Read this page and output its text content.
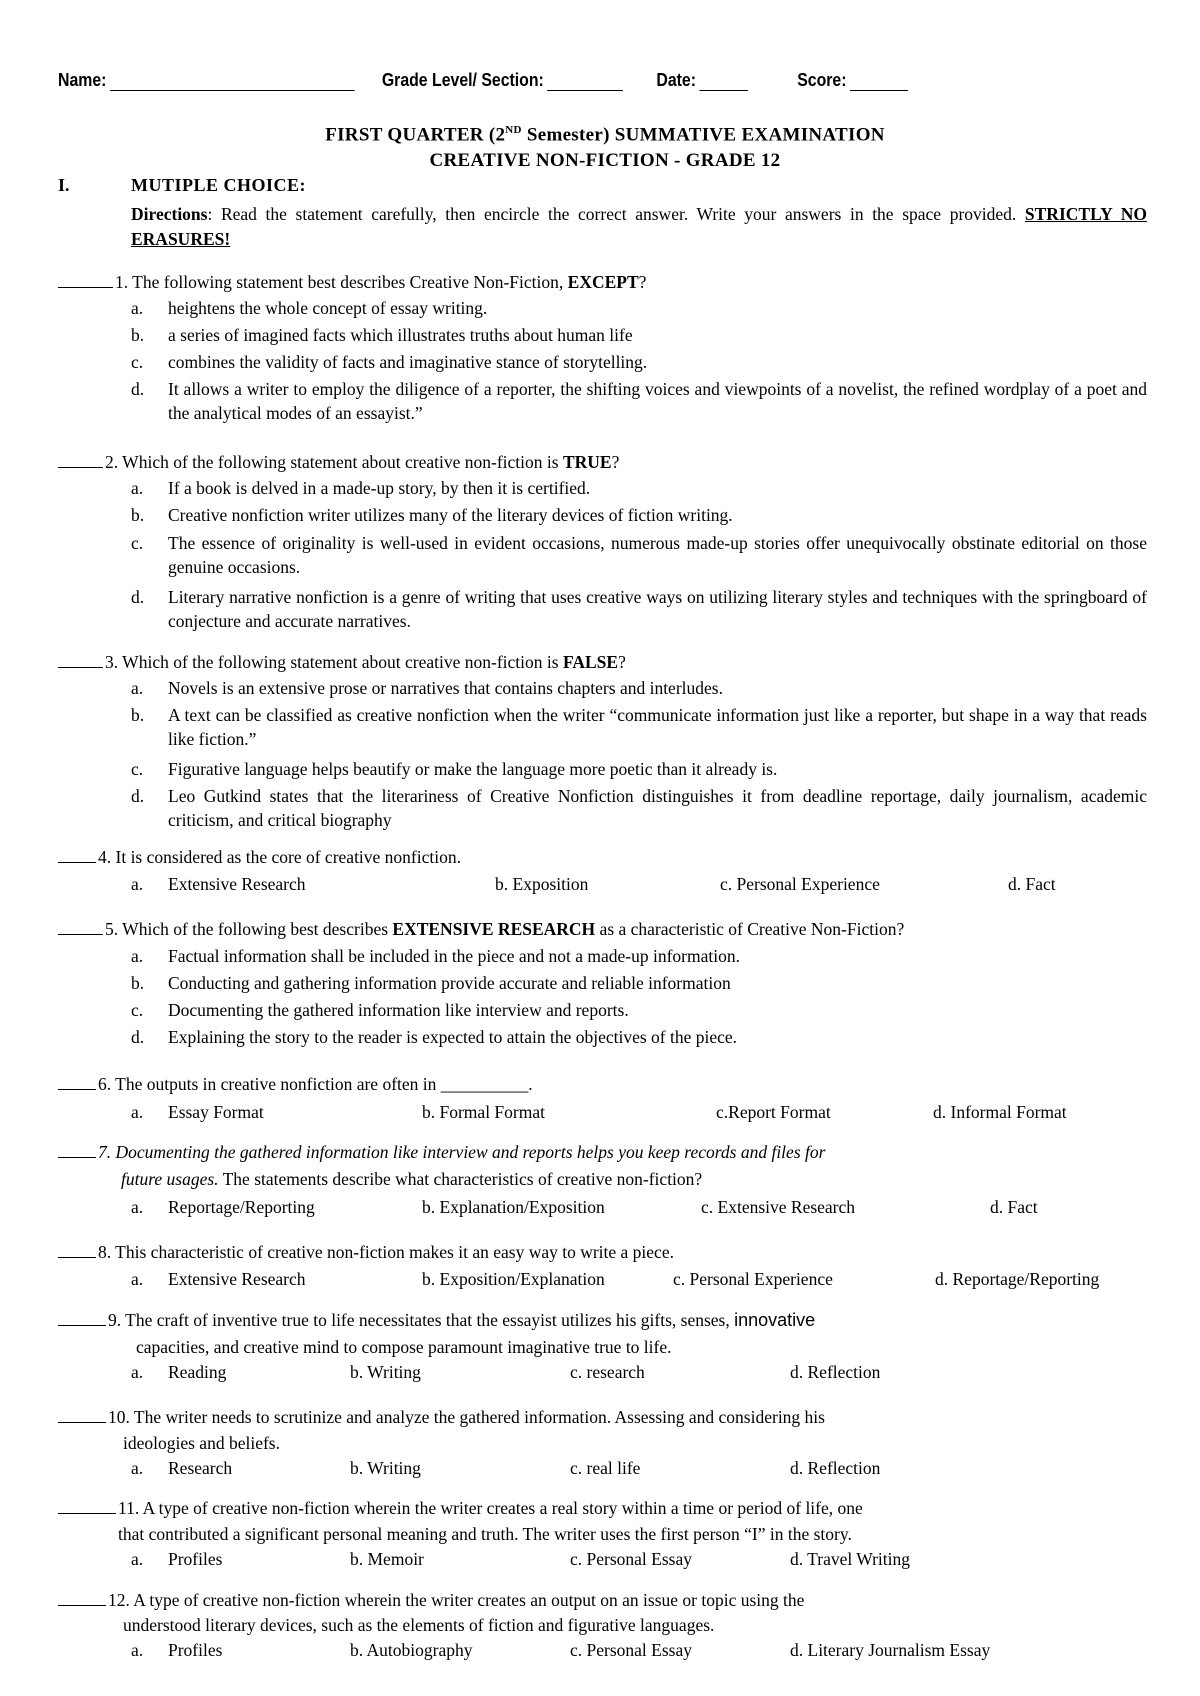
Name:	Grade Level/ Section:	Date:	Score:
FIRST QUARTER (2ND Semester) SUMMATIVE EXAMINATION
CREATIVE NON-FICTION - GRADE 12
I.	MUTIPLE CHOICE:
Directions: Read the statement carefully, then encircle the correct answer. Write your answers in the space provided. STRICTLY NO ERASURES!
1. The following statement best describes Creative Non-Fiction, EXCEPT?
a. heightens the whole concept of essay writing.
b. a series of imagined facts which illustrates truths about human life
c. combines the validity of facts and imaginative stance of storytelling.
d. It allows a writer to employ the diligence of a reporter, the shifting voices and viewpoints of a novelist, the refined wordplay of a poet and the analytical modes of an essayist.”
2. Which of the following statement about creative non-fiction is TRUE?
a. If a book is delved in a made-up story, by then it is certified.
b. Creative nonfiction writer utilizes many of the literary devices of fiction writing.
c. The essence of originality is well-used in evident occasions, numerous made-up stories offer unequivocally obstinate editorial on those genuine occasions.
d. Literary narrative nonfiction is a genre of writing that uses creative ways on utilizing literary styles and techniques with the springboard of conjecture and accurate narratives.
3. Which of the following statement about creative non-fiction is FALSE?
a. Novels is an extensive prose or narratives that contains chapters and interludes.
b. A text can be classified as creative nonfiction when the writer “communicate information just like a reporter, but shape in a way that reads like fiction.”
c. Figurative language helps beautify or make the language more poetic than it already is.
d. Leo Gutkind states that the literariness of Creative Nonfiction distinguishes it from deadline reportage, daily journalism, academic criticism, and critical biography
4. It is considered as the core of creative nonfiction.
a. Extensive Research	b. Exposition	c. Personal Experience	d. Fact
5. Which of the following best describes EXTENSIVE RESEARCH as a characteristic of Creative Non-Fiction?
a. Factual information shall be included in the piece and not a made-up information.
b. Conducting and gathering information provide accurate and reliable information
c. Documenting the gathered information like interview and reports.
d. Explaining the story to the reader is expected to attain the objectives of the piece.
6. The outputs in creative nonfiction are often in __________.
a. Essay Format	b. Formal Format	c.Report Format	d. Informal Format
7. Documenting the gathered information like interview and reports helps you keep records and files for
future usages. The statements describe what characteristics of creative non-fiction?
a. Reportage/Reporting	b. Explanation/Exposition	c. Extensive Research	d. Fact
8. This characteristic of creative non-fiction makes it an easy way to write a piece.
a. Extensive Research	b. Exposition/Explanation	c. Personal Experience	d. Reportage/Reporting
9. The craft of inventive true to life necessitates that the essayist utilizes his gifts, senses, innovative
capacities, and creative mind to compose paramount imaginative true to life.
a. Reading	b. Writing	c. research	d. Reflection
10. The writer needs to scrutinize and analyze the gathered information. Assessing and considering his
ideologies and beliefs.
a. Research	b. Writing	c. real life	d. Reflection
11. A type of creative non-fiction wherein the writer creates a real story within a time or period of life, one
that contributed a significant personal meaning and truth. The writer uses the first person “I” in the story.
a. Profiles	b. Memoir	c. Personal Essay	d. Travel Writing
12. A type of creative non-fiction wherein the writer creates an output on an issue or topic using the
understood literary devices, such as the elements of fiction and figurative languages.
a. Profiles	b. Autobiography	c. Personal Essay	d. Literary Journalism Essay
